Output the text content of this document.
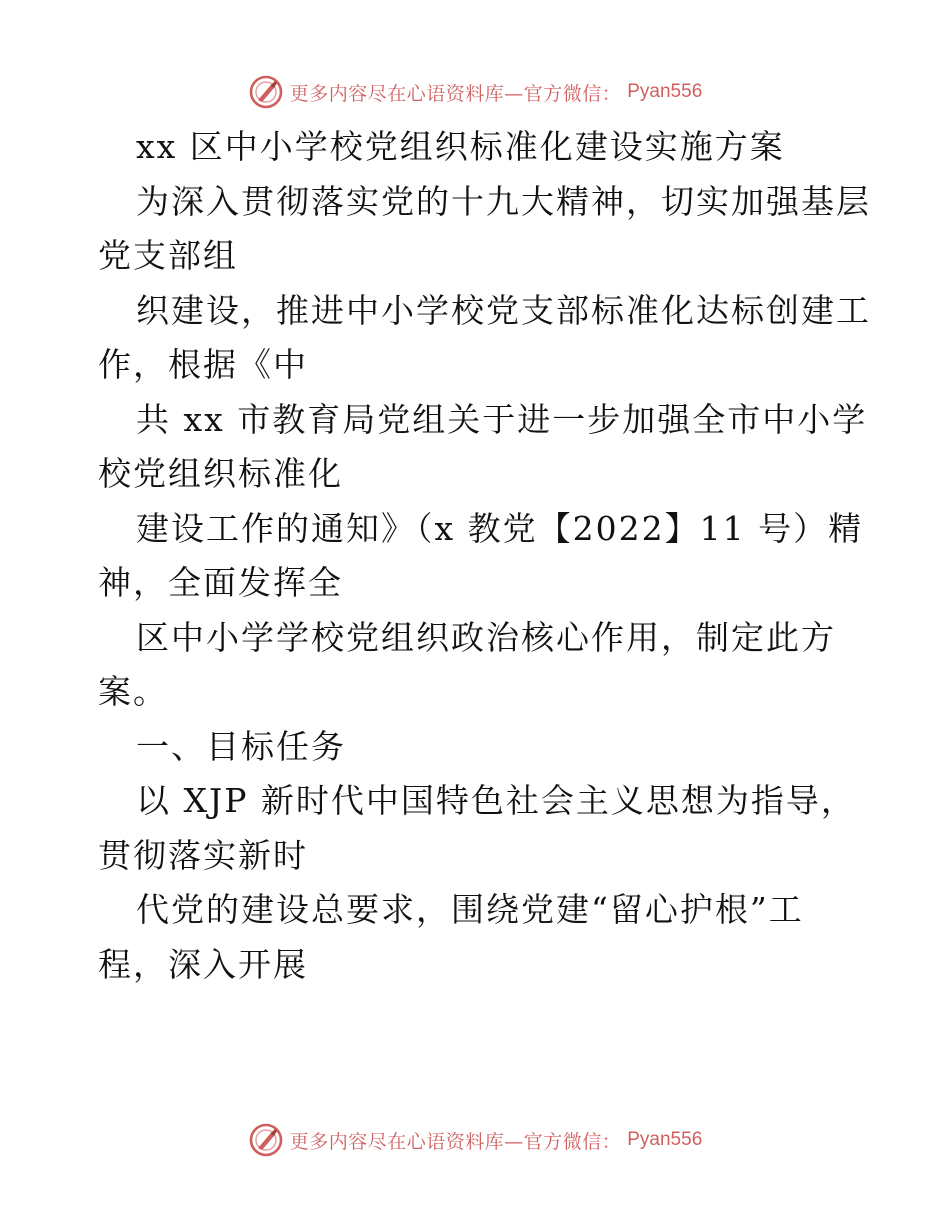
更多内容尽在心语资料库—官方微信： Pyan556
xx 区中小学校党组织标准化建设实施方案
为深入贯彻落实党的十九大精神，切实加强基层
党支部组
织建设，推进中小学校党支部标准化达标创建工
作，根据《中
共 xx 市教育局党组关于进一步加强全市中小学
校党组织标准化
建设工作的通知》（x 教党【2022】11 号）精
神，全面发挥全
区中小学学校党组织政治核心作用，制定此方
案。
一、目标任务
以 XJP 新时代中国特色社会主义思想为指导，
贯彻落实新时
代党的建设总要求，围绕党建“留心护根”工
程，深入开展
更多内容尽在心语资料库—官方微信： Pyan556
